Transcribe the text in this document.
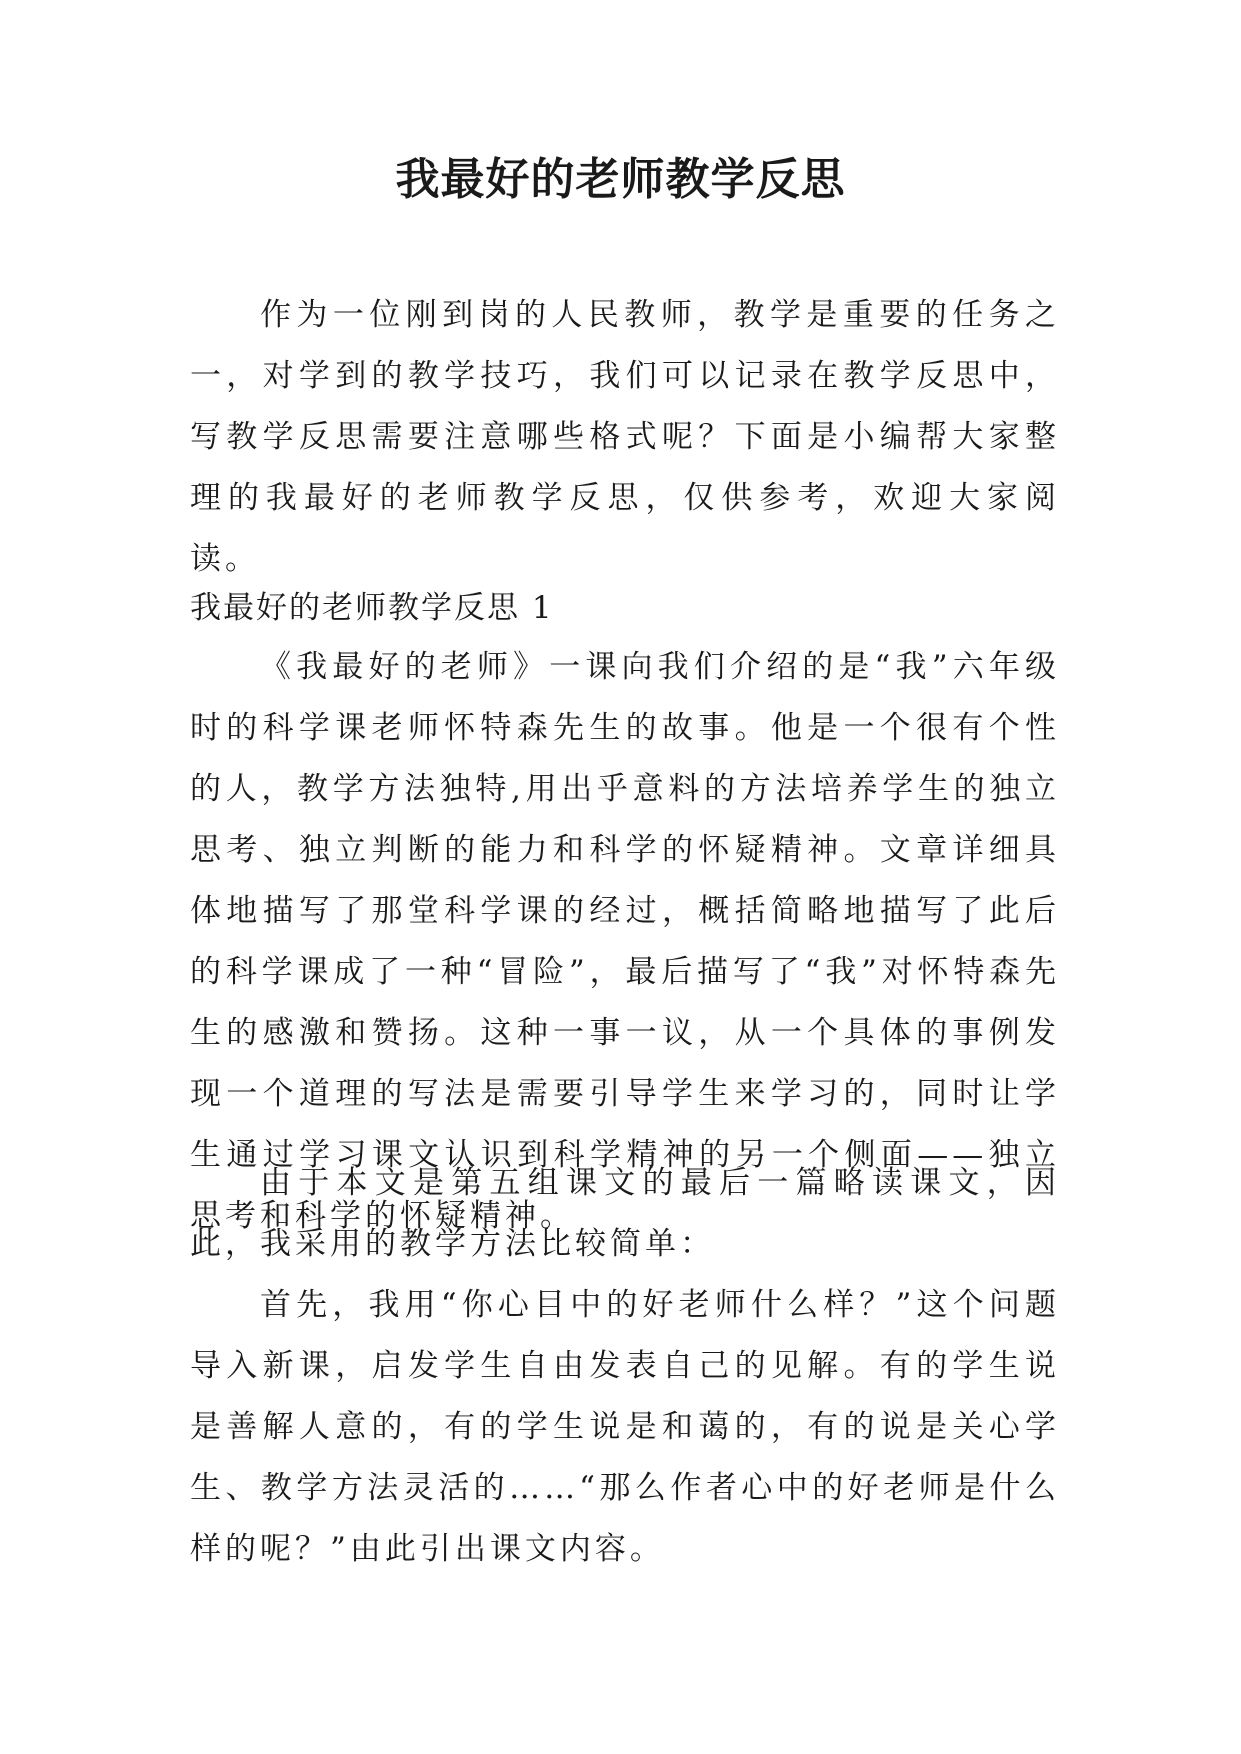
我最好的老师教学反思

作为一位刚到岗的人民教师，教学是重要的任务之一，对学到的教学技巧，我们可以记录在教学反思中，写教学反思需要注意哪些格式呢？下面是小编帮大家整理的我最好的老师教学反思，仅供参考，欢迎大家阅读。

我最好的老师教学反思 1

《我最好的老师》一课向我们介绍的是“我”六年级时的科学课老师怀特森先生的故事。他是一个很有个性的人，教学方法独特,用出乎意料的方法培养学生的独立思考、独立判断的能力和科学的怀疑精神。文章详细具体地描写了那堂科学课的经过，概括简略地描写了此后的科学课成了一种“冒险”，最后描写了“我”对怀特森先生的感激和赞扬。这种一事一议，从一个具体的事例发现一个道理的写法是需要引导学生来学习的，同时让学生通过学习课文认识到科学精神的另一个侧面——独立思考和科学的怀疑精神。

由于本文是第五组课文的最后一篇略读课文，因此，我采用的教学方法比较简单：

首先，我用“你心目中的好老师什么样？”这个问题导入新课，启发学生自由发表自己的见解。有的学生说是善解人意的，有的学生说是和蔼的，有的说是关心学生、教学方法灵活的……“那么作者心中的好老师是什么样的呢？”由此引出课文内容。
